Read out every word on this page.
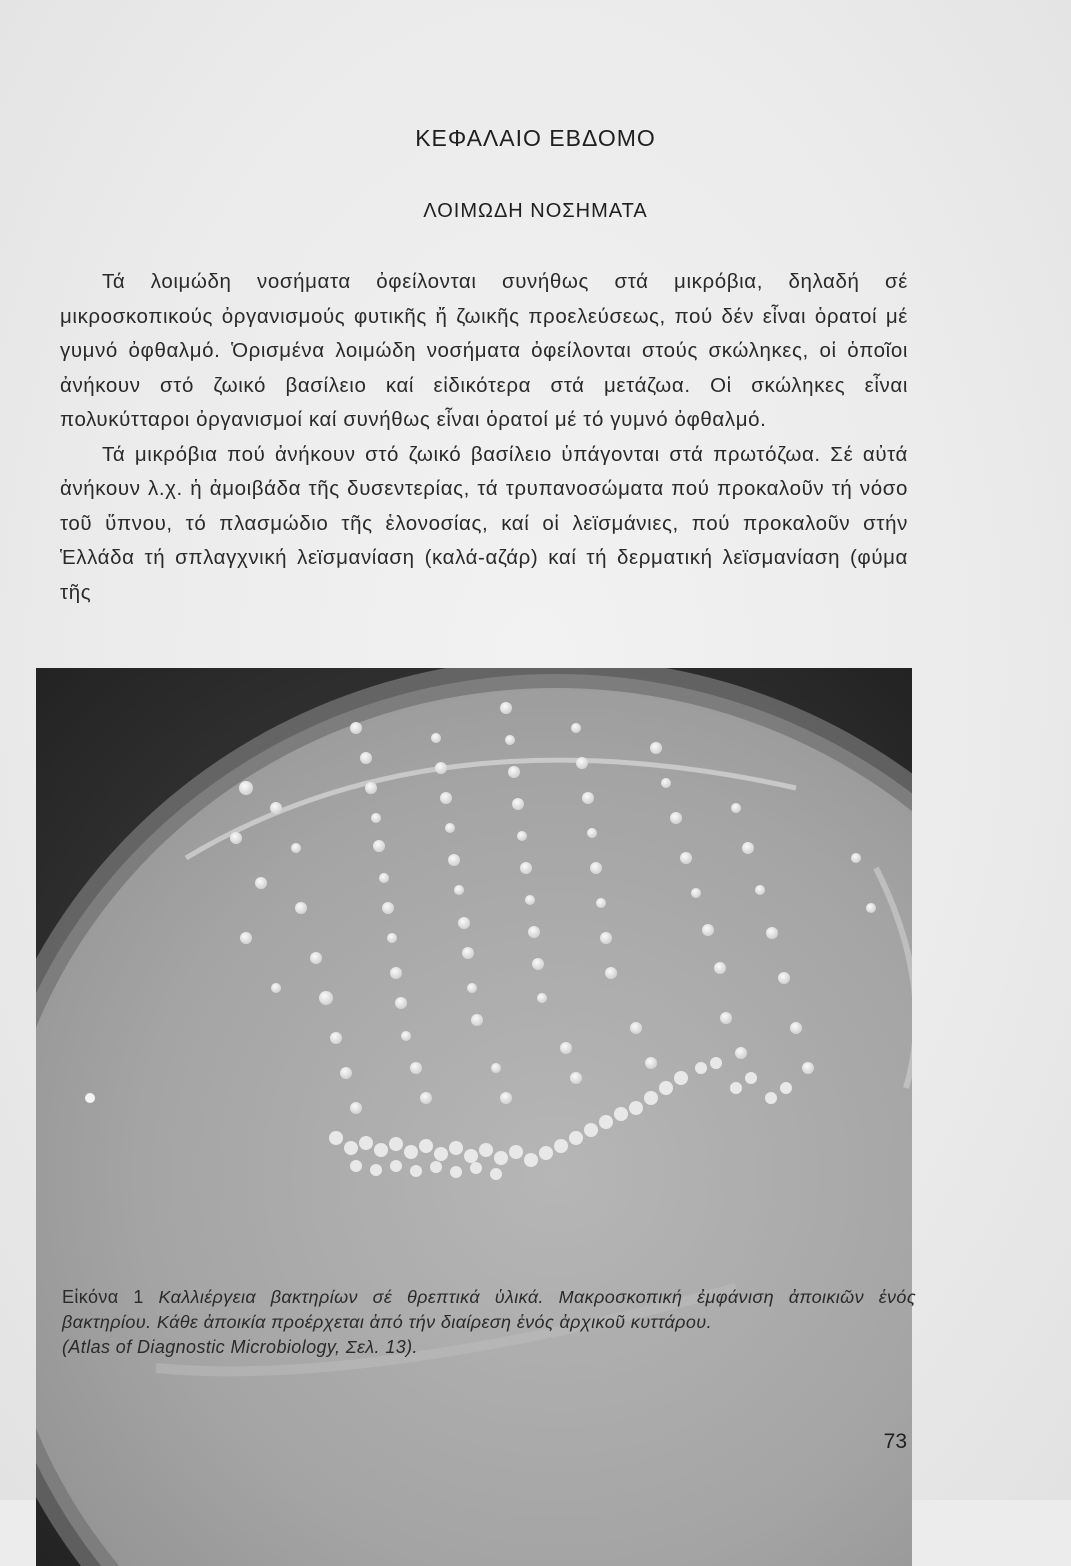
ΚΕΦΑΛΑΙΟ ΕΒΔΟΜΟ
ΛΟΙΜΩΔΗ ΝΟΣΗΜΑΤΑ

Τά λοιμώδη νοσήματα ὀφείλονται συνήθως στά μικρόβια, δηλαδή σέ μικροσκοπικούς ὀργανισμούς φυτικῆς ἤ ζωικῆς προελεύσεως, πού δέν εἶναι ὁρατοί μέ γυμνό ὀφθαλμό. Ὁρισμένα λοιμώδη νοσήματα ὀφείλονται στούς σκώληκες, οἱ ὁποῖοι ἀνήκουν στό ζωικό βασίλειο καί εἰδικότερα στά μετάζωα. Οἱ σκώληκες εἶναι πολυκύτταροι ὀργανισμοί καί συνήθως εἶναι ὁρατοί μέ τό γυμνό ὀφθαλμό.

Τά μικρόβια πού ἀνήκουν στό ζωικό βασίλειο ὑπάγονται στά πρωτόζωα. Σέ αὐτά ἀνήκουν λ.χ. ἡ ἀμοιβάδα τῆς δυσεντερίας, τά τρυπανοσώματα πού προκαλοῦν τή νόσο τοῦ ὕπνου, τό πλασμώδιο τῆς ἑλονοσίας, καί οἱ λεϊσμάνιες, πού προκαλοῦν στήν Ἑλλάδα τή σπλαγχνική λεϊσμανίαση (καλά-αζάρ) καί τή δερματική λεϊσμανίαση (φύμα τῆς

Εἰκόνα 1 Καλλιέργεια βακτηρίων σέ θρεπτικά ὑλικά. Μακροσκοπική ἐμφάνιση ἀποικιῶν ἑνός βακτηρίου. Κάθε ἀποικία προέρχεται ἀπό τήν διαίρεση ἑνός ἀρχικοῦ κυττάρου.
(Atlas of Diagnostic Microbiology, Σελ. 13).
73
